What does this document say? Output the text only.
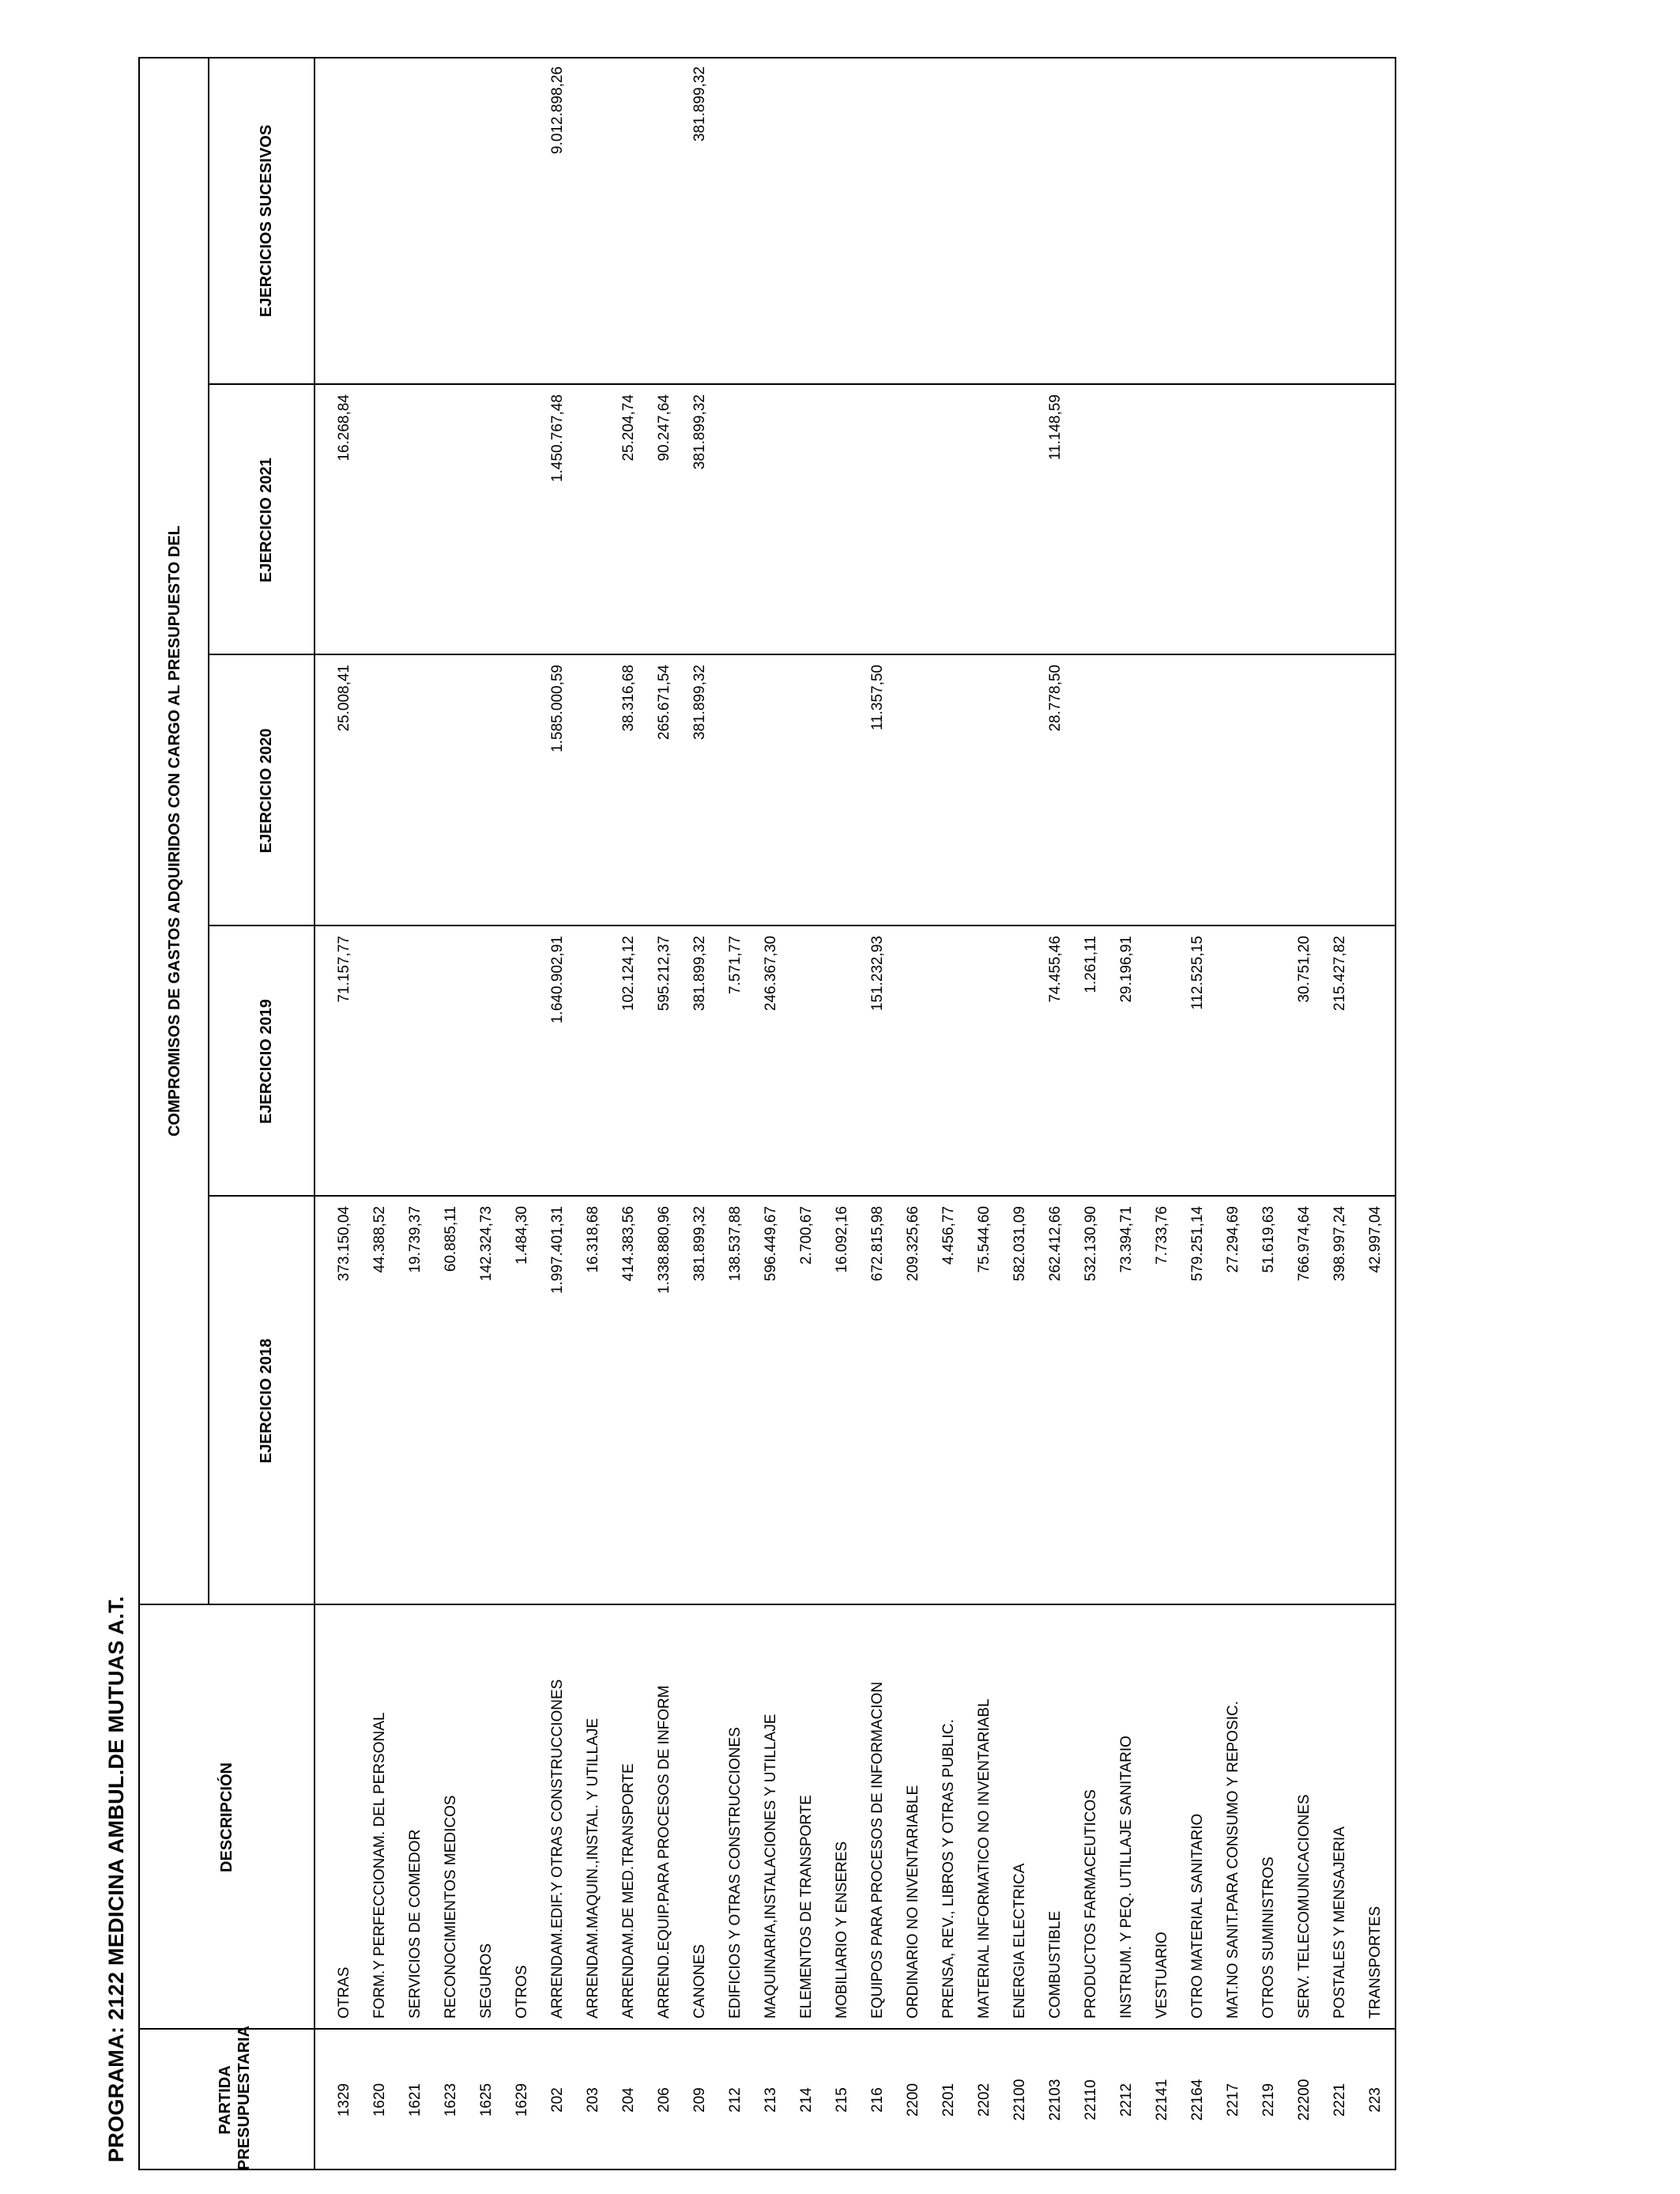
PROGRAMA: 2122 MEDICINA AMBUL.DE MUTUAS A.T.	PARTIDA PRESUPUESTARIA
DESCRIPCIÓN
COMPROMISOS DE GASTOS ADQUIRIDOS CON CARGO AL PRESUPUESTO DEL
EJERCICIO 2018
EJERCICIO 2019
EJERCICIO 2020
EJERCICIO 2021
EJERCICIOS SUCESIVOS
1329
OTRAS
373.150,04
71.157,77
25.008,41
16.268,84
1620
FORM.Y PERFECCIONAM. DEL PERSONAL
44.388,52
1621
SERVICIOS DE COMEDOR
19.739,37
1623
RECONOCIMIENTOS MEDICOS
60.885,11
1625
SEGUROS
142.324,73
1629
OTROS
1.484,30
202
ARRENDAM.EDIF.Y OTRAS CONSTRUCCIONES
1.997.401,31
1.640.902,91
1.585.000,59
1.450.767,48
9.012.898,26
203
ARRENDAM.MAQUIN.,INSTAL. Y UTILLAJE
16.318,68
204
ARRENDAM.DE MED.TRANSPORTE
414.383,56
102.124,12
38.316,68
25.204,74
206
ARREND.EQUIP.PARA PROCESOS DE INFORM
1.338.880,96
595.212,37
265.671,54
90.247,64
209
CANONES
381.899,32
381.899,32
381.899,32
381.899,32
381.899,32
212
EDIFICIOS Y OTRAS CONSTRUCCIONES
138.537,88
7.571,77
213
MAQUINARIA,INSTALACIONES Y UTILLAJE
596.449,67
246.367,30
214
ELEMENTOS DE TRANSPORTE
2.700,67
215
MOBILIARIO Y ENSERES
16.092,16
216
EQUIPOS PARA PROCESOS DE INFORMACION
672.815,98
151.232,93
11.357,50
2200
ORDINARIO NO INVENTARIABLE
209.325,66
2201
PRENSA, REV., LIBROS Y OTRAS PUBLIC.
4.456,77
2202
MATERIAL INFORMATICO NO INVENTARIABL
75.544,60
22100
ENERGIA ELECTRICA
582.031,09
22103
COMBUSTIBLE
262.412,66
74.455,46
28.778,50
11.148,59
22110
PRODUCTOS FARMACEUTICOS
532.130,90
1.261,11
2212
INSTRUM. Y PEQ. UTILLAJE SANITARIO
73.394,71
29.196,91
22141
VESTUARIO
7.733,76
22164
OTRO MATERIAL SANITARIO
579.251,14
112.525,15
2217
MAT.NO SANIT.PARA CONSUMO Y REPOSIC.
27.294,69
2219
OTROS SUMINISTROS
51.619,63
22200
SERV. TELECOMUNICACIONES
766.974,64
30.751,20
2221
POSTALES Y MENSAJERIA
398.997,24
215.427,82
223
TRANSPORTES
42.997,04
